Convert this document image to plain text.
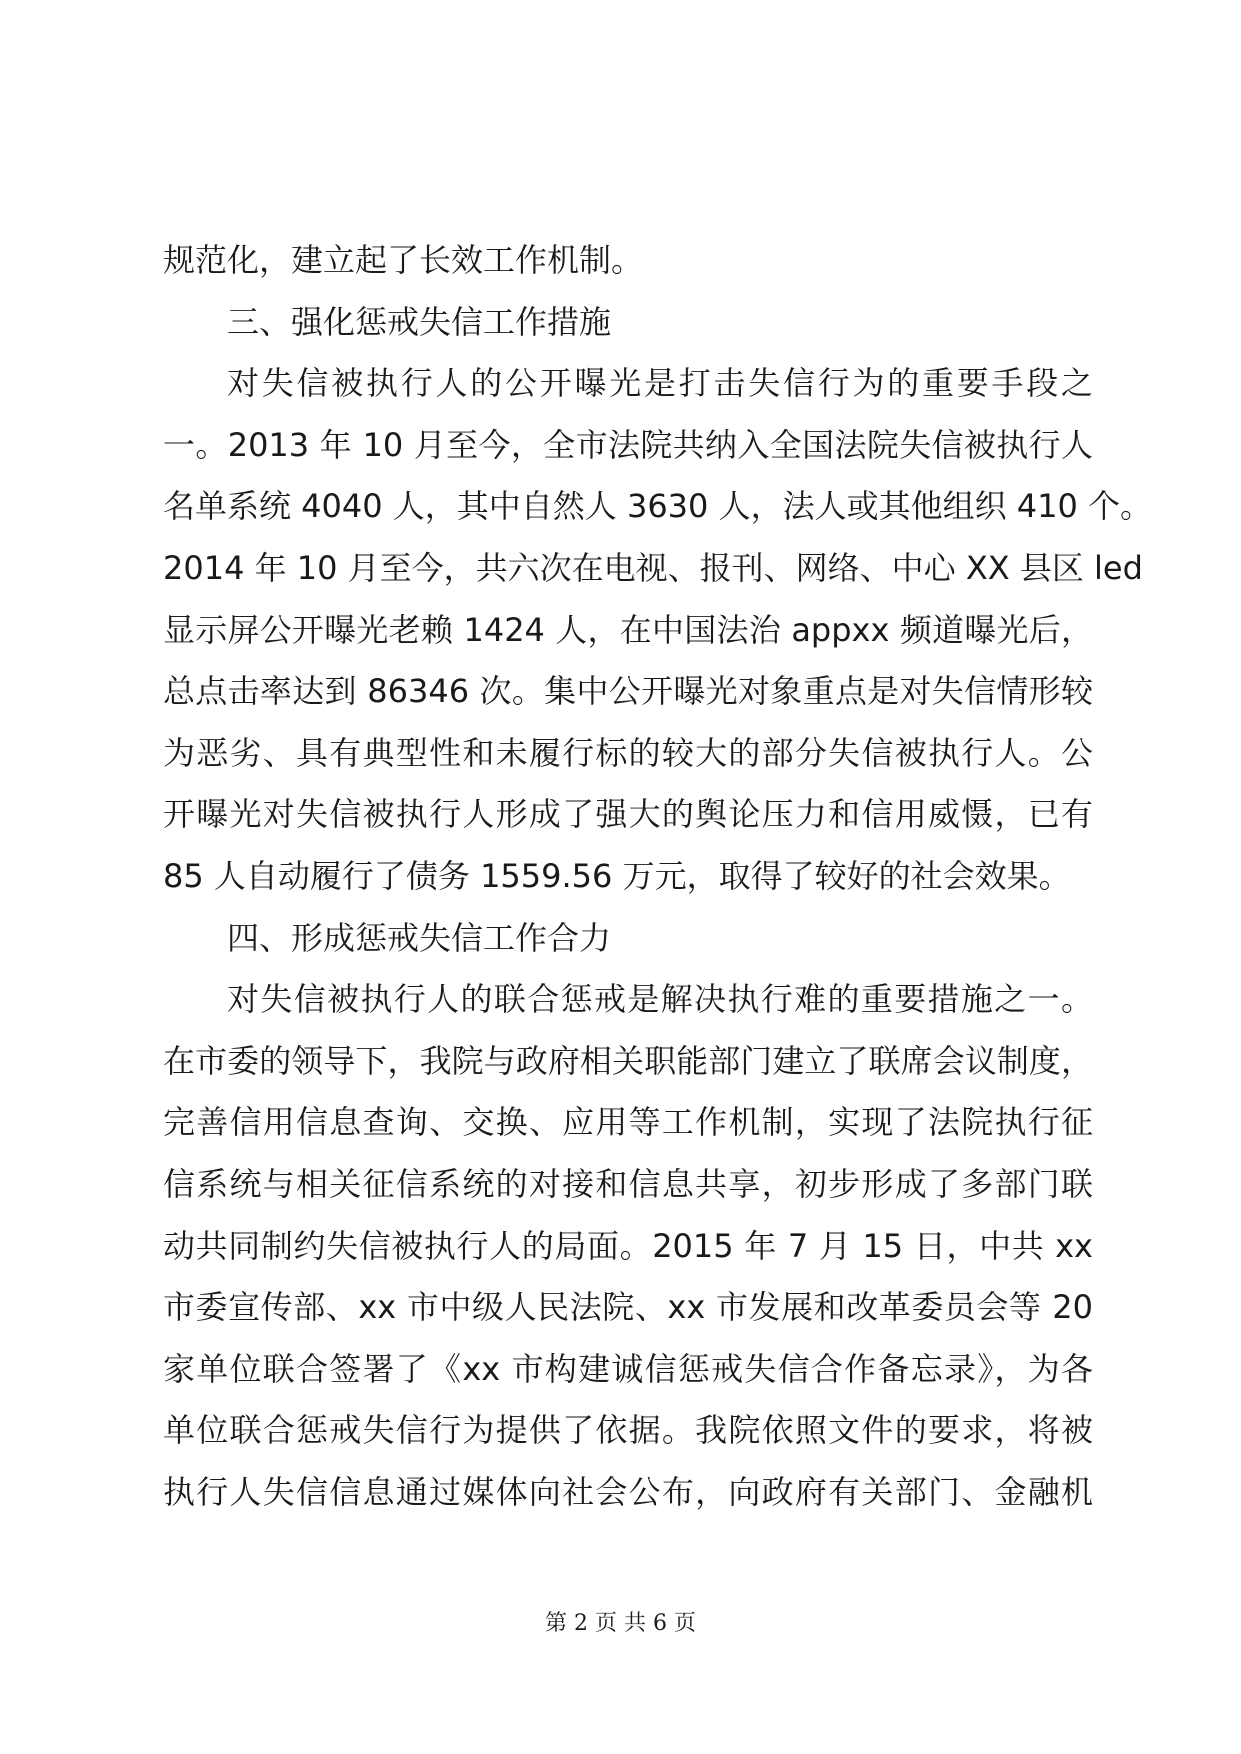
规范化，建立起了长效工作机制。
三、强化惩戒失信工作措施
对失信被执行人的公开曝光是打击失信行为的重要手段之
一。2013 年 10 月至今，全市法院共纳入全国法院失信被执行人
名单系统 4040 人，其中自然人 3630 人，法人或其他组织 410 个。
2014 年 10 月至今，共六次在电视、报刊、网络、中心 XX 县区 led
显示屏公开曝光老赖 1424 人，在中国法治 appxx 频道曝光后，
总点击率达到 86346 次。集中公开曝光对象重点是对失信情形较
为恶劣、具有典型性和未履行标的较大的部分失信被执行人。公
开曝光对失信被执行人形成了强大的舆论压力和信用威慑，已有
85 人自动履行了债务 1559.56 万元，取得了较好的社会效果。
四、形成惩戒失信工作合力
对失信被执行人的联合惩戒是解决执行难的重要措施之一。
在市委的领导下，我院与政府相关职能部门建立了联席会议制度，
完善信用信息查询、交换、应用等工作机制，实现了法院执行征
信系统与相关征信系统的对接和信息共享，初步形成了多部门联
动共同制约失信被执行人的局面。2015 年 7 月 15 日，中共 xx
市委宣传部、xx 市中级人民法院、xx 市发展和改革委员会等 20
家单位联合签署了《xx 市构建诚信惩戒失信合作备忘录》，为各
单位联合惩戒失信行为提供了依据。我院依照文件的要求，将被
执行人失信信息通过媒体向社会公布，向政府有关部门、金融机
第 2 页 共 6 页
